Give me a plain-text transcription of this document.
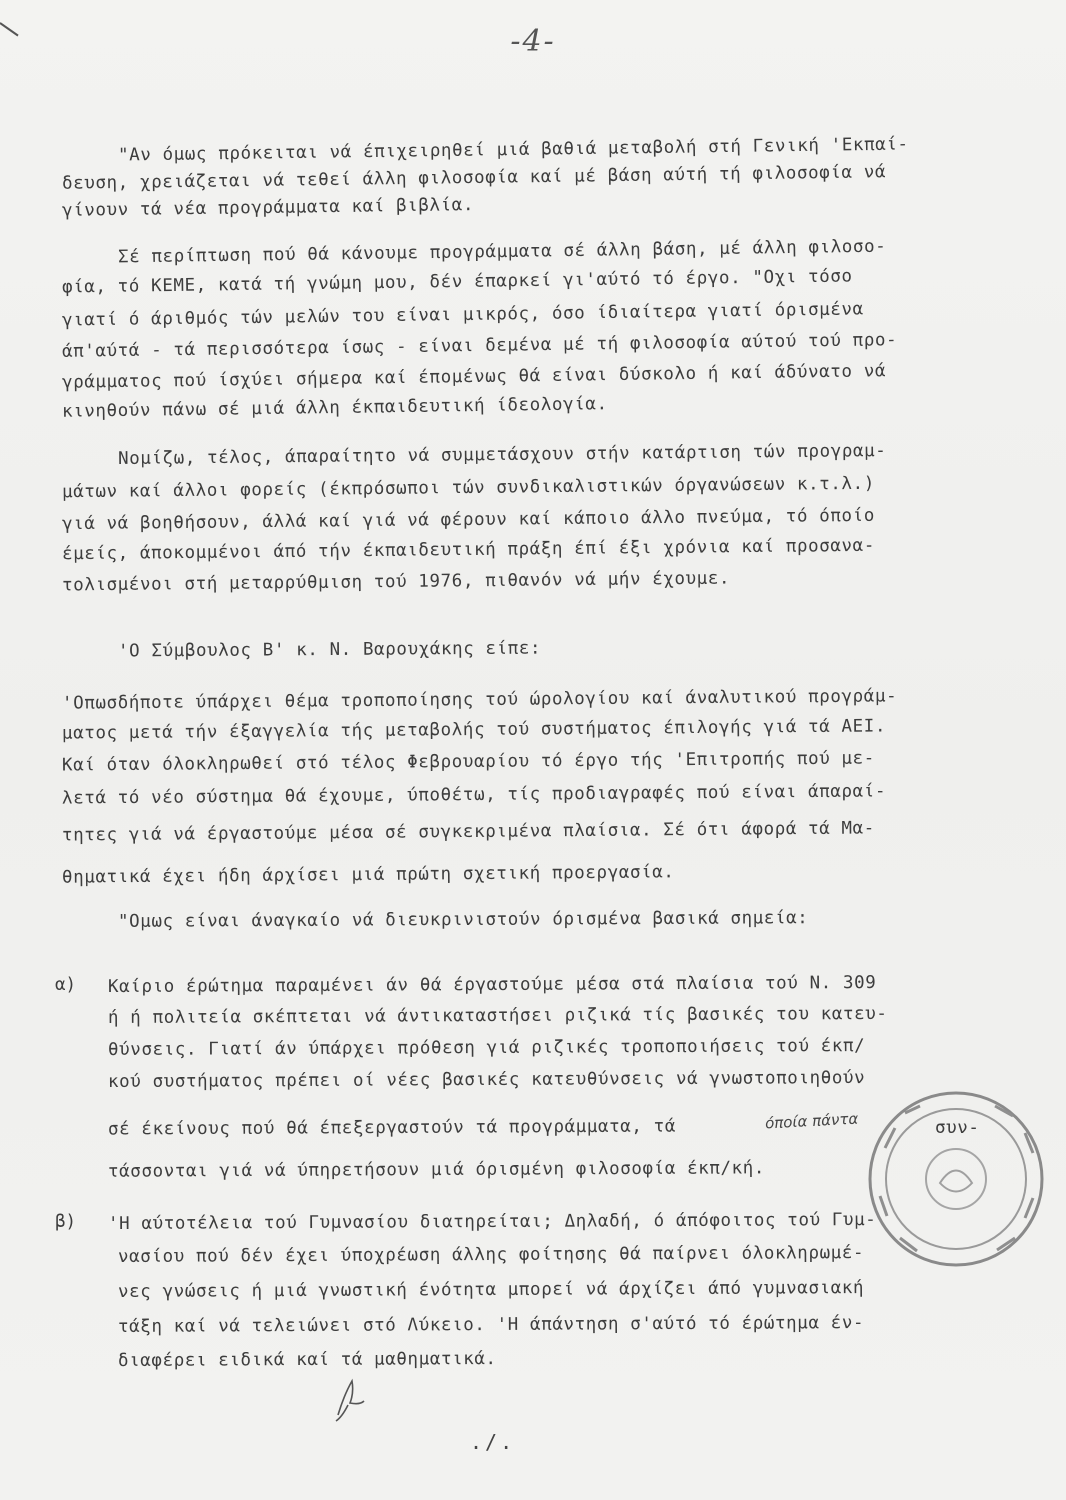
-4-
"Αν όμως πρόκειται νά έπιχειρηθεί μιά βαθιά μεταβολή στή Γενική 'Εκπαί-
δευση, χρειάζεται νά τεθεί άλλη φιλοσοφία καί μέ βάση αύτή τή φιλοσοφία νά
γίνουν τά νέα προγράμματα καί βιβλία.
Σέ περίπτωση πού θά κάνουμε προγράμματα σέ άλλη βάση, μέ άλλη φιλοσο-
φία, τό ΚΕΜΕ, κατά τή γνώμη μου, δέν έπαρκεί γι'αύτό τό έργο. "Οχι τόσο
γιατί ό άριθμός τών μελών του είναι μικρός, όσο ίδιαίτερα γιατί όρισμένα
άπ'αύτά - τά περισσότερα ίσως - είναι δεμένα μέ τή φιλοσοφία αύτού τού προ-
γράμματος πού ίσχύει σήμερα καί έπομένως θά είναι δύσκολο ή καί άδύνατο νά
κινηθούν πάνω σέ μιά άλλη έκπαιδευτική ίδεολογία.
Νομίζω, τέλος, άπαραίτητο νά συμμετάσχουν στήν κατάρτιση τών προγραμ-
μάτων καί άλλοι φορείς (έκπρόσωποι τών συνδικαλιστικών όργανώσεων κ.τ.λ.)
γιά νά βοηθήσουν, άλλά καί γιά νά φέρουν καί κάποιο άλλο πνεύμα, τό όποίο
έμείς, άποκομμένοι άπό τήν έκπαιδευτική πράξη έπί έξι χρόνια καί προσανα-
τολισμένοι στή μεταρρύθμιση τού 1976, πιθανόν νά μήν έχουμε.
'Ο Σύμβουλος Β' κ. Ν. Βαρουχάκης είπε:
'Οπωσδήποτε ύπάρχει θέμα τροποποίησης τού ώρολογίου καί άναλυτικού προγράμ-
ματος μετά τήν έξαγγελία τής μεταβολής τού συστήματος έπιλογής γιά τά ΑΕΙ.
Καί όταν όλοκληρωθεί στό τέλος Φεβρουαρίου τό έργο τής 'Επιτροπής πού με-
λετά τό νέο σύστημα θά έχουμε, ύποθέτω, τίς προδιαγραφές πού είναι άπαραί-
τητες γιά νά έργαστούμε μέσα σέ συγκεκριμένα πλαίσια. Σέ ότι άφορά τά Μα-
θηματικά έχει ήδη άρχίσει μιά πρώτη σχετική προεργασία.
"Ομως είναι άναγκαίο νά διευκρινιστούν όρισμένα βασικά σημεία:
α) Καίριο έρώτημα παραμένει άν θά έργαστούμε μέσα στά πλαίσια τού Ν. 309
ή ή πολιτεία σκέπτεται νά άντικαταστήσει ριζικά τίς βασικές του κατευ-
θύνσεις. Γιατί άν ύπάρχει πρόθεση γιά ριζικές τροποποιήσεις τού έκπ/
κού συστήματος πρέπει οί νέες βασικές κατευθύνσεις νά γνωστοποιηθούν
σέ έκείνους πού θά έπεξεργαστούν τά προγράμματα, τά	όποία πάντα	συν-
τάσσονται γιά νά ύπηρετήσουν μιά όρισμένη φιλοσοφία έκπ/κή.
β) 'Η αύτοτέλεια τού Γυμνασίου διατηρείται; Δηλαδή, ό άπόφοιτος τού Γυμ-
νασίου πού δέν έχει ύποχρέωση άλλης φοίτησης θά παίρνει όλοκληρωμέ-
νες γνώσεις ή μιά γνωστική ένότητα μπορεί νά άρχίζει άπό γυμνασιακή
τάξη καί νά τελειώνει στό Λύκειο. 'Η άπάντηση σ'αύτό τό έρώτημα έν-
διαφέρει ειδικά καί τά μαθηματικά.
./.
